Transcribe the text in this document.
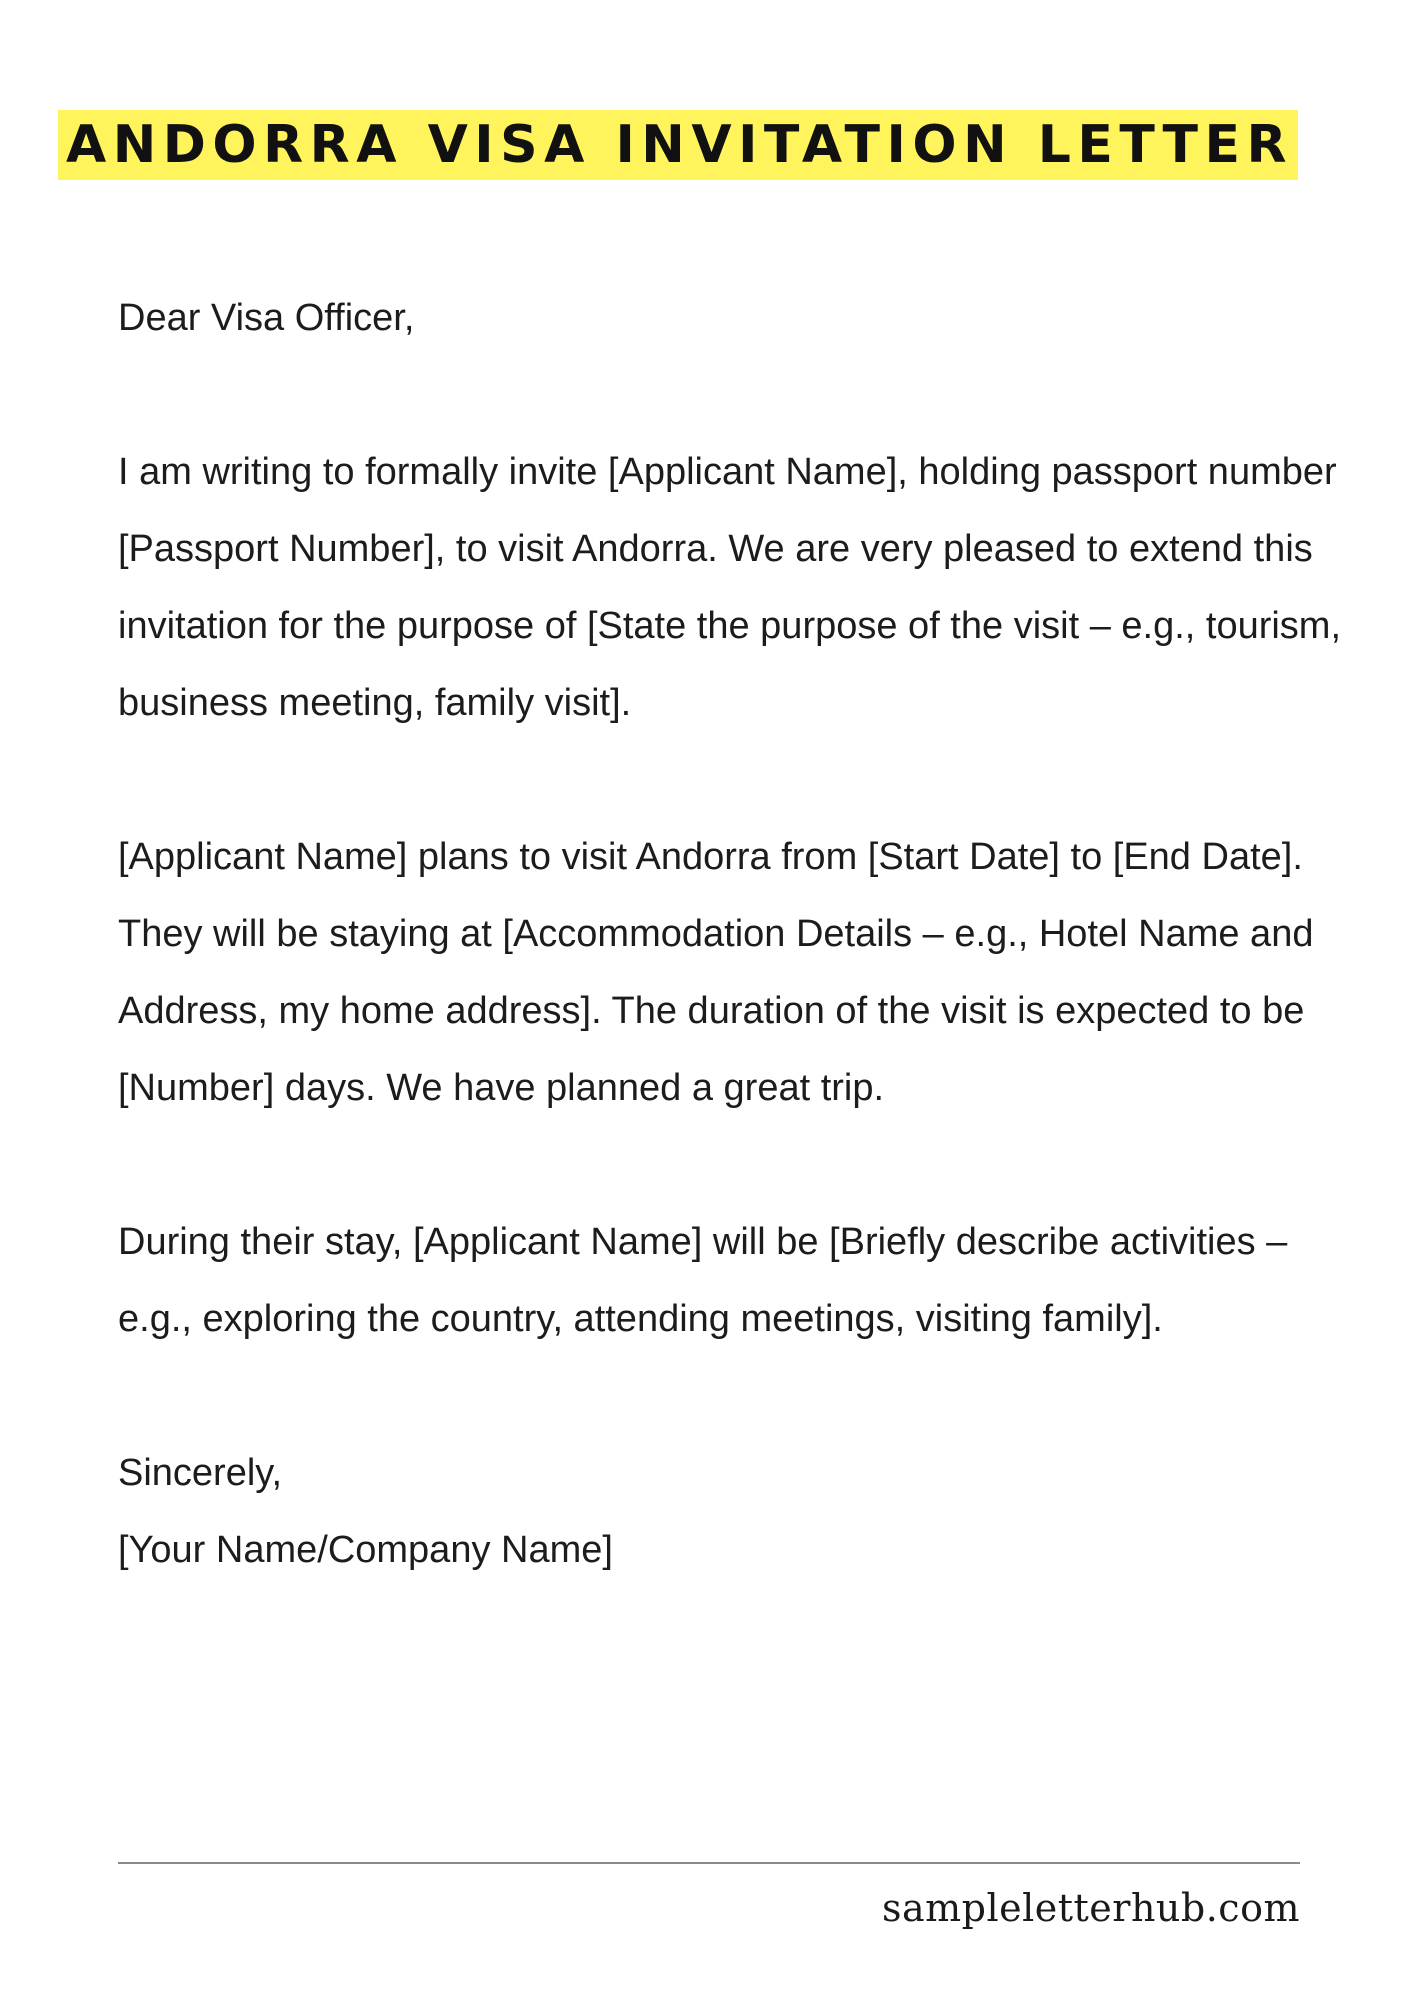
ANDORRA VISA INVITATION LETTER

Dear Visa Officer,

I am writing to formally invite [Applicant Name], holding passport number [Passport Number], to visit Andorra. We are very pleased to extend this invitation for the purpose of [State the purpose of the visit – e.g., tourism, business meeting, family visit].

[Applicant Name] plans to visit Andorra from [Start Date] to [End Date]. They will be staying at [Accommodation Details – e.g., Hotel Name and Address, my home address]. The duration of the visit is expected to be [Number] days. We have planned a great trip.

During their stay, [Applicant Name] will be [Briefly describe activities – e.g., exploring the country, attending meetings, visiting family].

Sincerely,

[Your Name/Company Name]

sampleletterhub.com
